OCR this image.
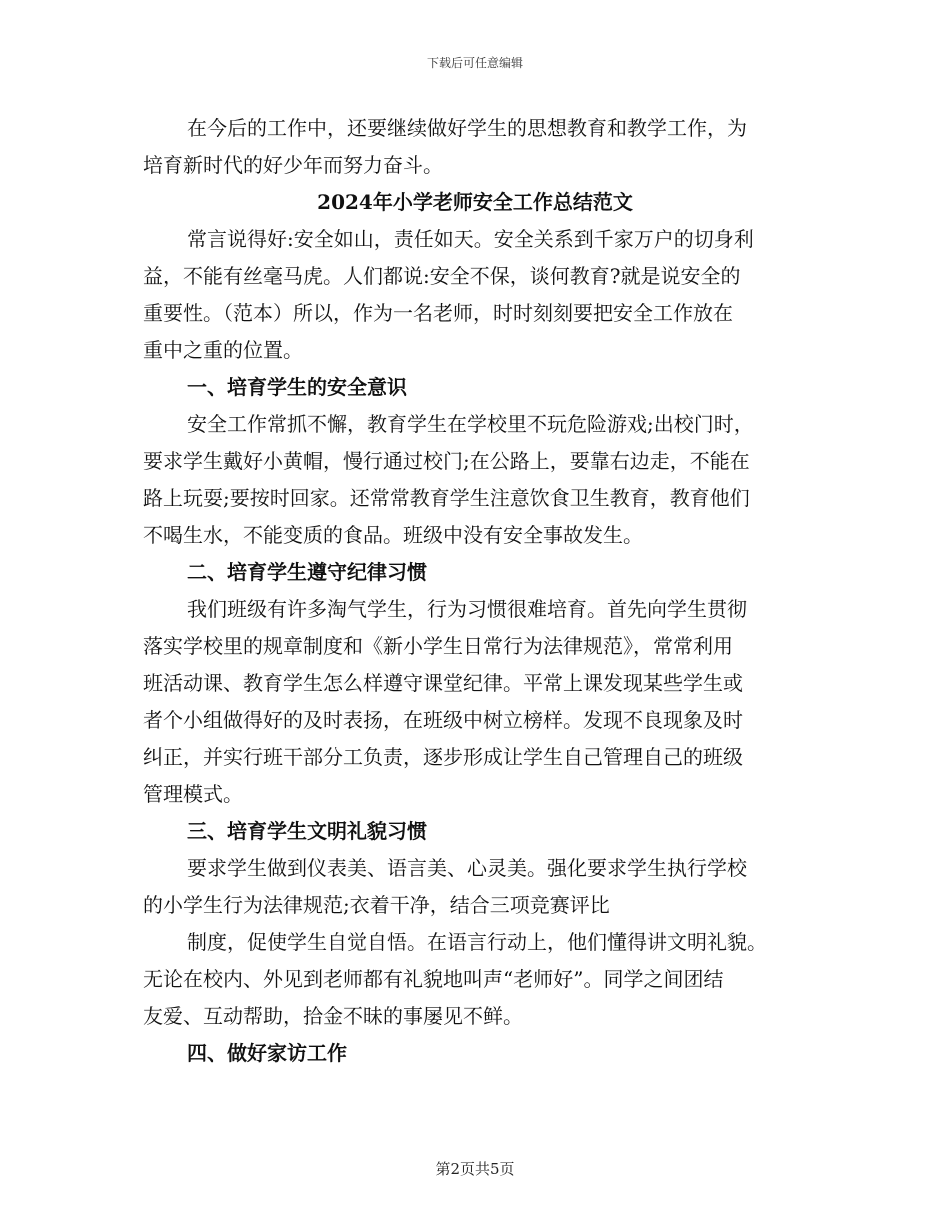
下载后可任意编辑
在今后的工作中，还要继续做好学生的思想教育和教学工作，为
培育新时代的好少年而努力奋斗。
2024年小学老师安全工作总结范文
常言说得好:安全如山，责任如天。安全关系到千家万户的切身利
益，不能有丝毫马虎。人们都说:安全不保，谈何教育?就是说安全的
重要性。（范本）所以，作为一名老师，时时刻刻要把安全工作放在
重中之重的位置。
一、培育学生的安全意识
安全工作常抓不懈，教育学生在学校里不玩危险游戏;出校门时，
要求学生戴好小黄帽，慢行通过校门;在公路上，要靠右边走，不能在
路上玩耍;要按时回家。还常常教育学生注意饮食卫生教育，教育他们
不喝生水，不能变质的食品。班级中没有安全事故发生。
二、培育学生遵守纪律习惯
我们班级有许多淘气学生，行为习惯很难培育。首先向学生贯彻
落实学校里的规章制度和《新小学生日常行为法律规范》，常常利用
班活动课、教育学生怎么样遵守课堂纪律。平常上课发现某些学生或
者个小组做得好的及时表扬，在班级中树立榜样。发现不良现象及时
纠正，并实行班干部分工负责，逐步形成让学生自己管理自己的班级
管理模式。
三、培育学生文明礼貌习惯
要求学生做到仪表美、语言美、心灵美。强化要求学生执行学校
的小学生行为法律规范;衣着干净，结合三项竞赛评比
制度，促使学生自觉自悟。在语言行动上，他们懂得讲文明礼貌。
无论在校内、外见到老师都有礼貌地叫声“老师好”。同学之间团结
友爱、互动帮助，拾金不昧的事屡见不鲜。
四、做好家访工作
第2页共5页
